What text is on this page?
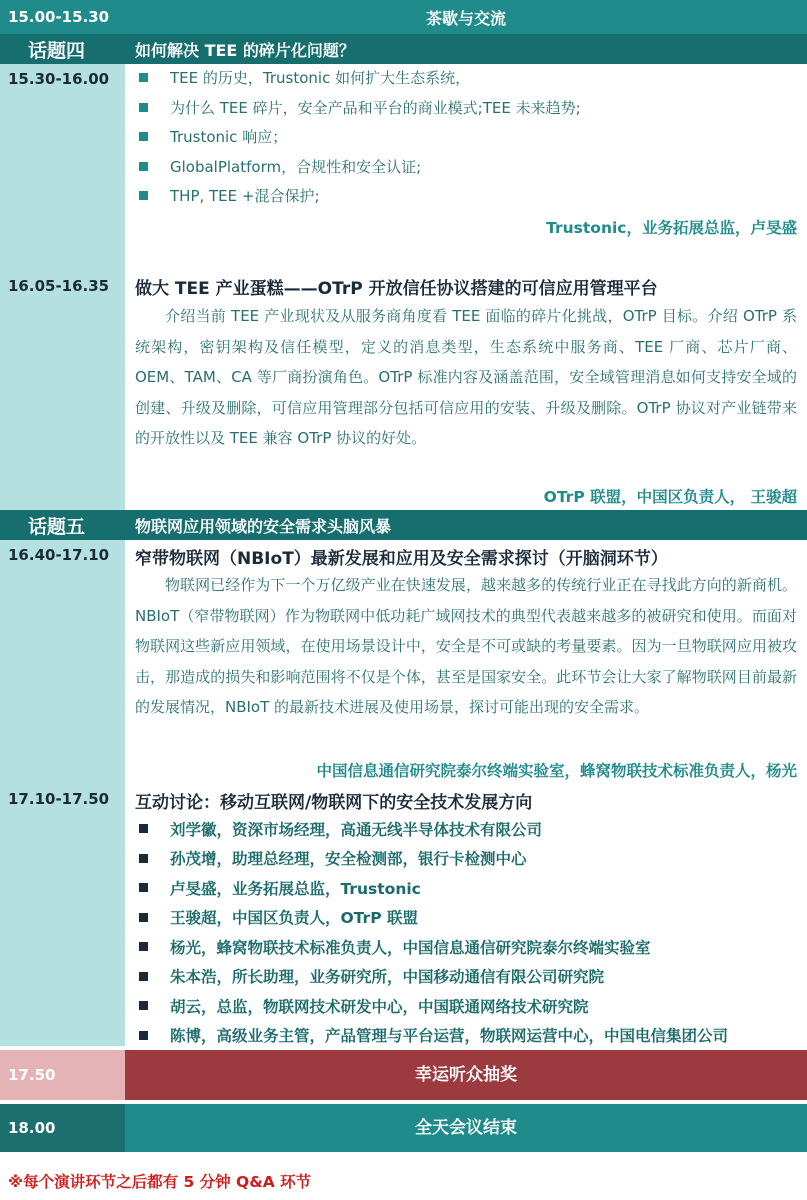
15.00-15.30	茶歇与交流
话题四	如何解决 TEE 的碎片化问题？
15.30-16.00	TEE 的历史，Trustonic 如何扩大生态系统，
为什么 TEE 碎片，安全产品和平台的商业模式;TEE 未来趋势;
Trustonic 响应；
GlobalPlatform，合规性和安全认证;
THP, TEE +混合保护;
Trustonic，业务拓展总监，卢旻盛
16.05-16.35 做大 TEE 产业蛋糕——OTrP 开放信任协议搭建的可信应用管理平台

介绍当前 TEE 产业现状及从服务商角度看 TEE 面临的碎片化挑战，OTrP 目标。介绍 OTrP 系统架构，密钥架构及信任模型，定义的消息类型，生态系统中服务商、TEE 厂商、芯片厂商、OEM、TAM、CA 等厂商扮演角色。OTrP 标准内容及涵盖范围，安全域管理消息如何支持安全域的创建、升级及删除，可信应用管理部分包括可信应用的安装、升级及删除。OTrP 协议对产业链带来的开放性以及 TEE 兼容 OTrP 协议的好处。

OTrP 联盟，中国区负责人， 王骏超
话题五	物联网应用领域的安全需求头脑风暴
16.40-17.10 窄带物联网（NBIoT）最新发展和应用及安全需求探讨（开脑洞环节）

物联网已经作为下一个万亿级产业在快速发展，越来越多的传统行业正在寻找此方向的新商机。NBIoT（窄带物联网）作为物联网中低功耗广域网技术的典型代表越来越多的被研究和使用。而面对物联网这些新应用领域，在使用场景设计中，安全是不可或缺的考量要素。因为一旦物联网应用被攻击，那造成的损失和影响范围将不仅是个体，甚至是国家安全。此环节会让大家了解物联网目前最新的发展情况，NBIoT 的最新技术进展及使用场景，探讨可能出现的安全需求。

中国信息通信研究院泰尔终端实验室，蜂窝物联技术标准负责人，杨光
17.10-17.50 互动讨论：移动互联网/物联网下的安全技术发展方向
刘学徽，资深市场经理，高通无线半导体技术有限公司
孙茂增，助理总经理，安全检测部，银行卡检测中心
卢旻盛，业务拓展总监，Trustonic
王骏超，中国区负责人，OTrP 联盟
杨光，蜂窝物联技术标准负责人，中国信息通信研究院泰尔终端实验室
朱本浩，所长助理，业务研究所，中国移动通信有限公司研究院
胡云，总监，物联网技术研发中心，中国联通网络技术研究院
陈博，高级业务主管，产品管理与平台运营，物联网运营中心，中国电信集团公司
17.50	幸运听众抽奖
18.00	全天会议结束
※每个演讲环节之后都有 5 分钟 Q&A 环节
